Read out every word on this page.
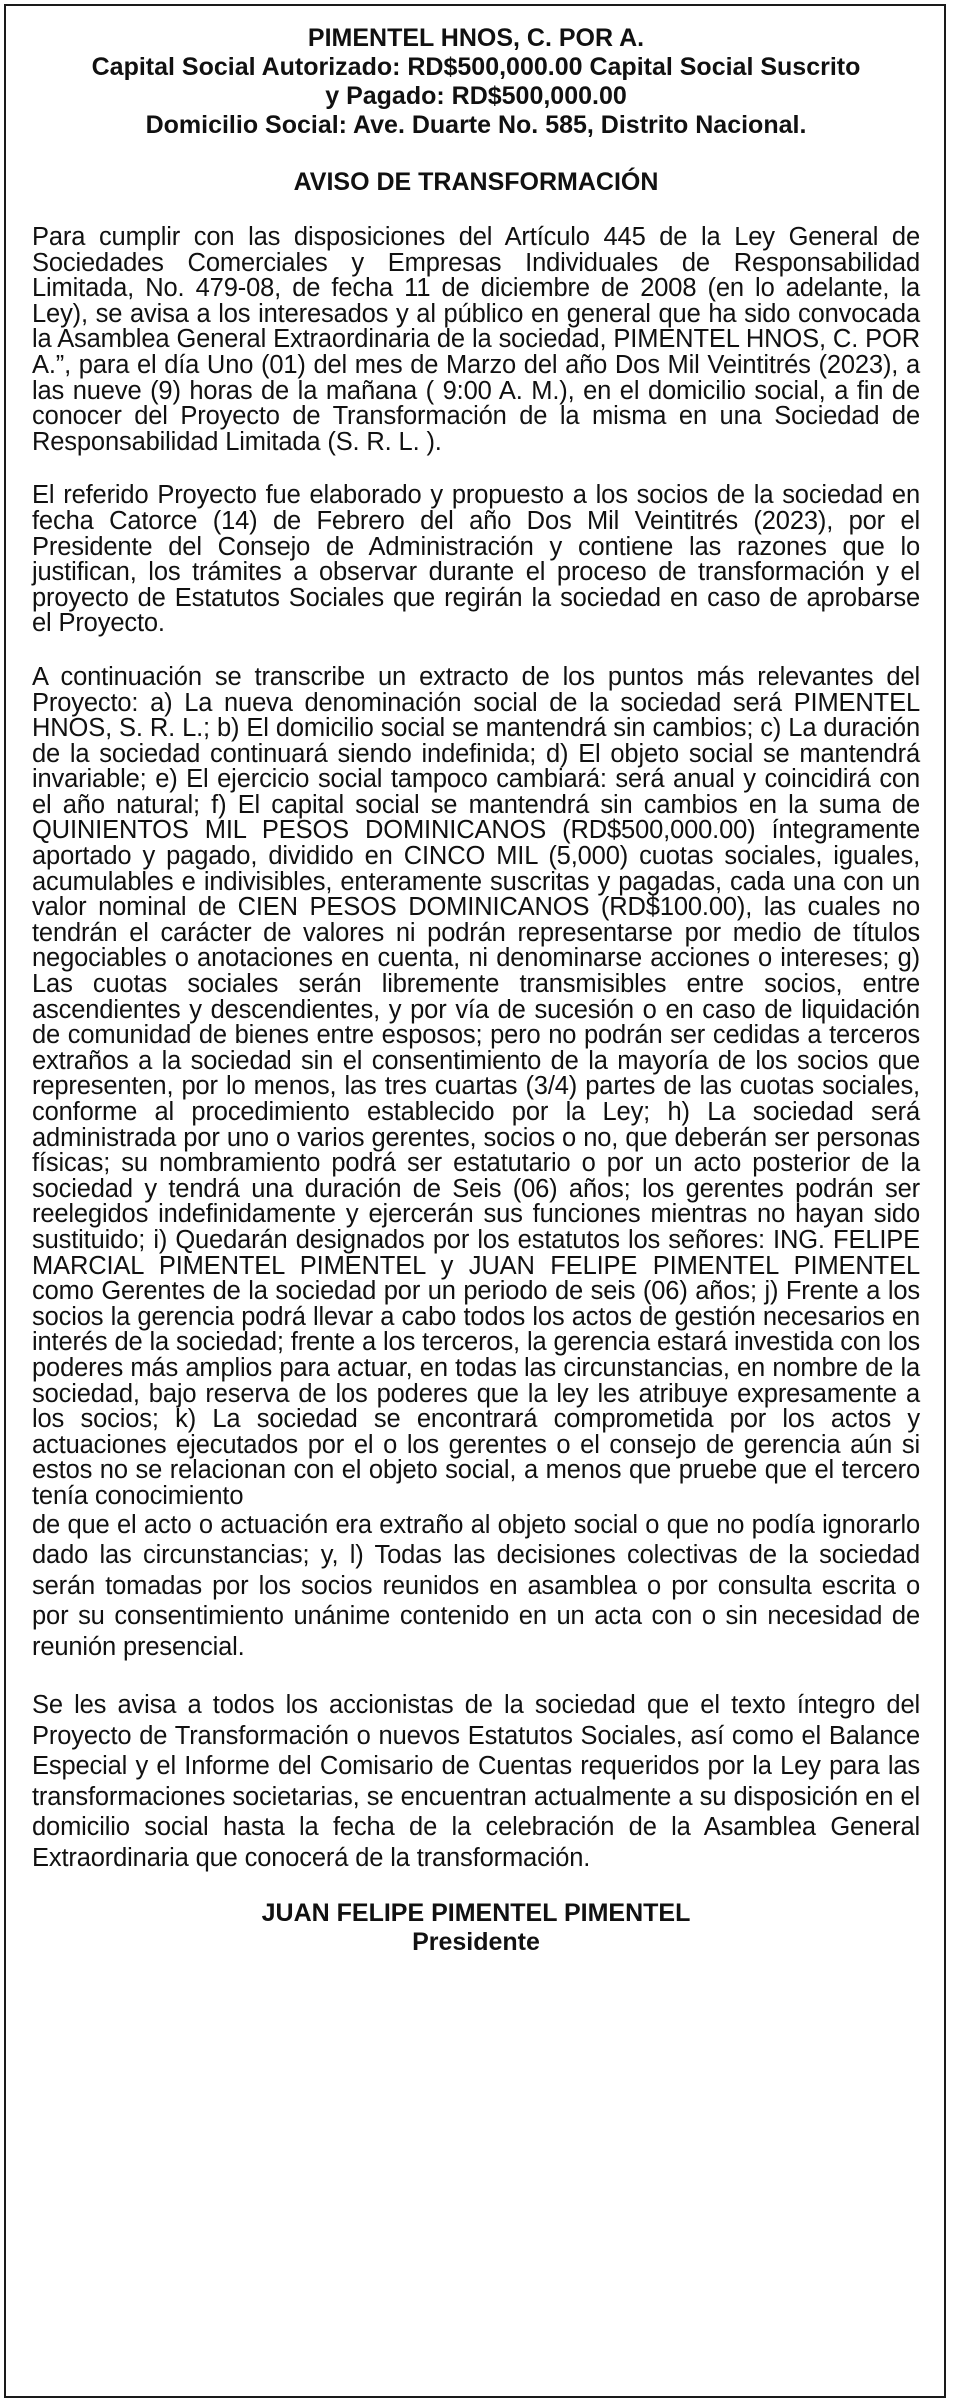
PIMENTEL HNOS, C. POR A.
Capital Social Autorizado: RD$500,000.00 Capital Social Suscrito
y Pagado: RD$500,000.00
Domicilio Social: Ave. Duarte No. 585, Distrito Nacional.
AVISO DE TRANSFORMACIÓN

Para cumplir con las disposiciones del Artículo 445 de la Ley General de Sociedades Comerciales y Empresas Individuales de Responsabilidad Limitada, No. 479-08, de fecha 11 de diciembre de 2008 (en lo adelante, la Ley), se avisa a los interesados y al público en general que ha sido convocada la Asamblea General Extraordinaria de la sociedad, PIMENTEL HNOS, C. POR A.”, para el día Uno (01) del mes de Marzo del año Dos Mil Veintitrés (2023), a las nueve (9) horas de la mañana ( 9:00 A. M.), en el domicilio social, a fin de conocer del Proyecto de Transformación de la misma en una Sociedad de Responsabilidad Limitada (S. R. L. ).

El referido Proyecto fue elaborado y propuesto a los socios de la sociedad en fecha Catorce (14) de Febrero del año Dos Mil Veintitrés (2023), por el Presidente del Consejo de Administración y contiene las razones que lo justifican, los trámites a observar durante el proceso de transformación y el proyecto de Estatutos Sociales que regirán la sociedad en caso de aprobarse el Proyecto.

A continuación se transcribe un extracto de los puntos más relevantes del Proyecto: a) La nueva denominación social de la sociedad será PIMENTEL HNOS, S. R. L.; b) El domicilio social se mantendrá sin cambios; c) La duración de la sociedad continuará siendo indefinida; d) El objeto social se mantendrá invariable; e) El ejercicio social tampoco cambiará: será anual y coincidirá con el año natural; f) El capital social se mantendrá sin cambios en la suma de QUINIENTOS MIL PESOS DOMINICANOS (RD$500,000.00) íntegramente aportado y pagado, dividido en CINCO MIL (5,000) cuotas sociales, iguales, acumulables e indivisibles, enteramente suscritas y pagadas, cada una con un valor nominal de CIEN PESOS DOMINICANOS (RD$100.00), las cuales no tendrán el carácter de valores ni podrán representarse por medio de títulos negociables o anotaciones en cuenta, ni denominarse acciones o intereses; g) Las cuotas sociales serán libremente transmisibles entre socios, entre ascendientes y descendientes, y por vía de sucesión o en caso de liquidación de comunidad de bienes entre esposos; pero no podrán ser cedidas a terceros extraños a la sociedad sin el consentimiento de la mayoría de los socios que representen, por lo menos, las tres cuartas (3/4) partes de las cuotas sociales, conforme al procedimiento establecido por la Ley; h) La sociedad será administrada por uno o varios gerentes, socios o no, que deberán ser personas físicas; su nombramiento podrá ser estatutario o por un acto posterior de la sociedad y tendrá una duración de Seis (06) años; los gerentes podrán ser reelegidos indefinidamente y ejercerán sus funciones mientras no hayan sido sustituido; i) Quedarán designados por los estatutos los señores: ING. FELIPE MARCIAL PIMENTEL PIMENTEL y JUAN FELIPE PIMENTEL PIMENTEL como Gerentes de la sociedad por un periodo de seis (06) años; j) Frente a los socios la gerencia podrá llevar a cabo todos los actos de gestión necesarios en interés de la sociedad; frente a los terceros, la gerencia estará investida con los poderes más amplios para actuar, en todas las circunstancias, en nombre de la sociedad, bajo reserva de los poderes que la ley les atribuye expresamente a los socios; k) La sociedad se encontrará comprometida por los actos y actuaciones ejecutados por el o los gerentes o el consejo de gerencia aún si estos no se relacionan con el objeto social, a menos que pruebe que el tercero tenía conocimiento

de que el acto o actuación era extraño al objeto social o que no podía ignorarlo dado las circunstancias; y, l) Todas las decisiones colectivas de la sociedad serán tomadas por los socios reunidos en asamblea o por consulta escrita o por su consentimiento unánime contenido en un acta con o sin necesidad de reunión presencial.

Se les avisa a todos los accionistas de la sociedad que el texto íntegro del Proyecto de Transformación o nuevos Estatutos Sociales, así como el Balance Especial y el Informe del Comisario de Cuentas requeridos por la Ley para las transformaciones societarias, se encuentran actualmente a su disposición en el domicilio social hasta la fecha de la celebración de la Asamblea General Extraordinaria que conocerá de la transformación.

JUAN FELIPE PIMENTEL PIMENTEL
Presidente
